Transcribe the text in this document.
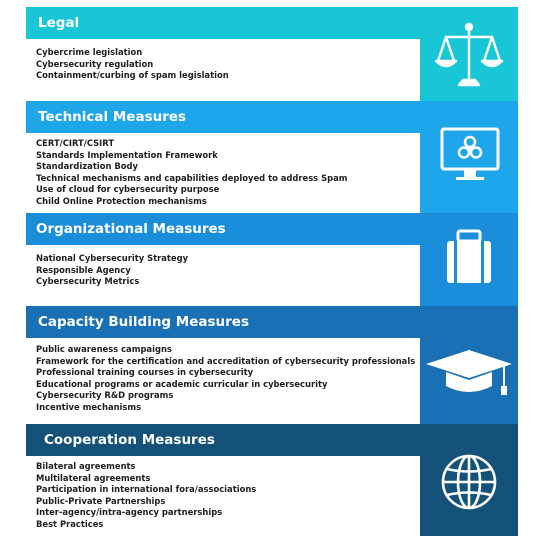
Legal
Cybercrime legislation
Cybersecurity regulation
Containment/curbing of spam legislation
Technical Measures
CERT/CIRT/CSIRT
Standards Implementation Framework
Standardization Body
Technical mechanisms and capabilities deployed to address Spam
Use of cloud for cybersecurity purpose
Child Online Protection mechanisms
Organizational Measures
National Cybersecurity Strategy
Responsible Agency
Cybersecurity Metrics
Capacity Building Measures
Public awareness campaigns
Framework for the certification and accreditation of cybersecurity professionals
Professional training courses in cybersecurity
Educational programs or academic curricular in cybersecurity
Cybersecurity R&D programs
Incentive mechanisms
Cooperation Measures
Bilateral agreements
Multilateral agreements
Participation in international fora/associations
Public-Private Partnerships
Inter-agency/intra-agency partnerships
Best Practices
